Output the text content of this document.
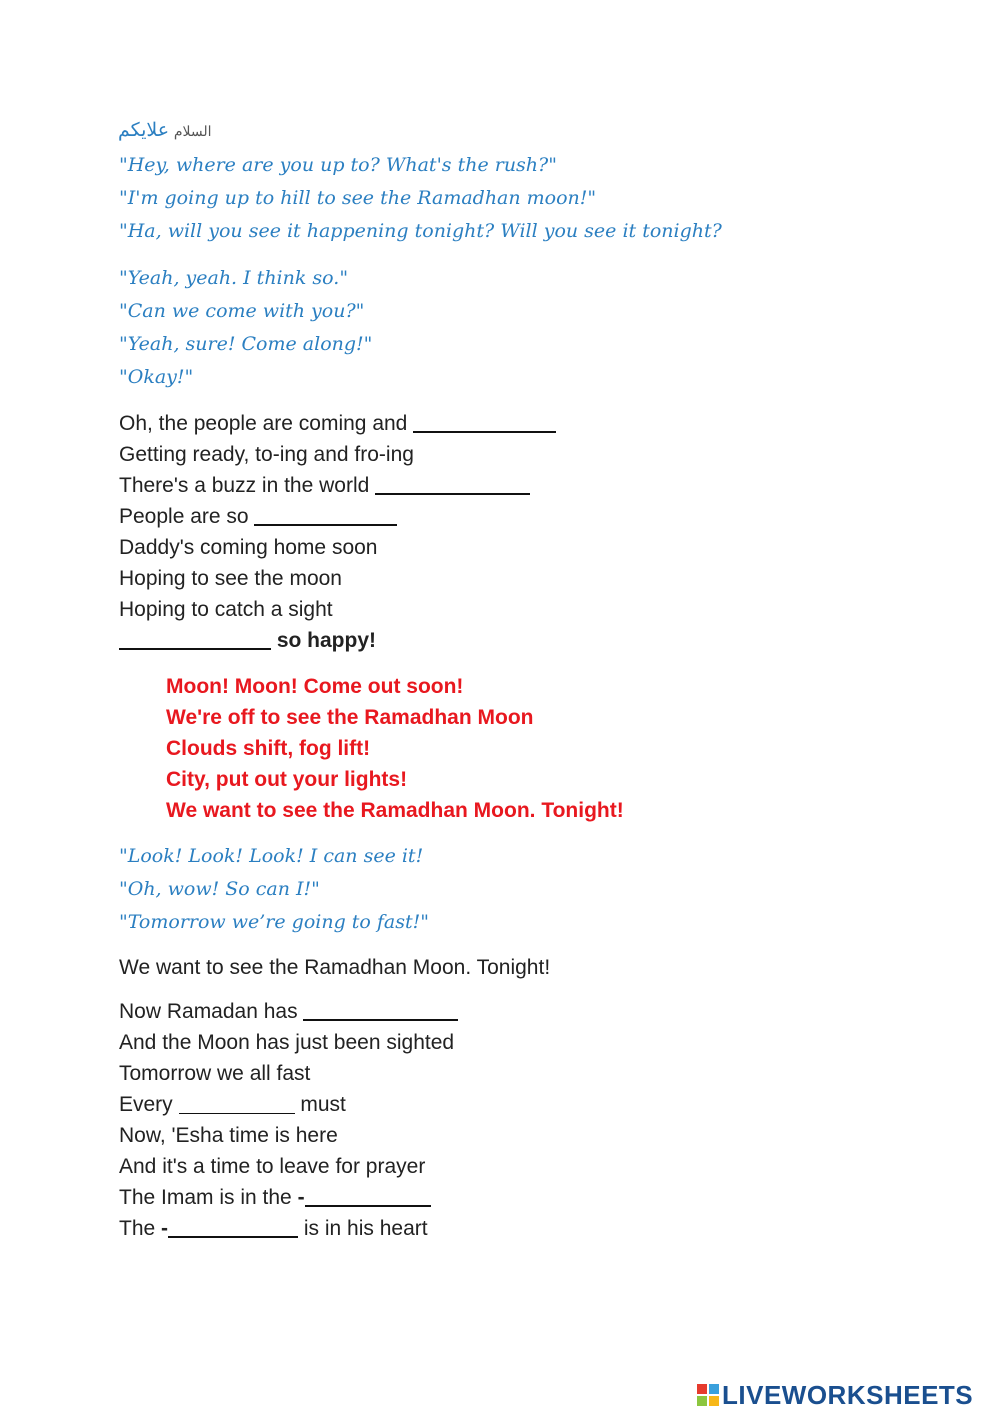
السلام علايكم
"Hey, where are you up to? What's the rush?"
"I'm going up to hill to see the Ramadhan moon!"
"Ha, will you see it happening tonight? Will you see it tonight?
"Yeah, yeah. I think so."
"Can we come with you?"
"Yeah, sure! Come along!"
"Okay!"
Oh, the people are coming and
Getting ready, to-ing and fro-ing
There's a buzz in the world
People are so
Daddy's coming home soon
Hoping to see the moon
Hoping to catch a sight
so happy!
Moon! Moon! Come out soon!
We're off to see the Ramadhan Moon
Clouds shift, fog lift!
City, put out your lights!
We want to see the Ramadhan Moon. Tonight!
"Look! Look! Look! I can see it!
"Oh, wow! So can I!"
"Tomorrow we’re going to fast!"
We want to see the Ramadhan Moon. Tonight!
Now Ramadan has
And the Moon has just been sighted
Tomorrow we all fast
Every	must
Now, 'Esha time is here
And it's a time to leave for prayer
The Imam is in the -
The -	is in his heart
LIVEWORKSHEETS
